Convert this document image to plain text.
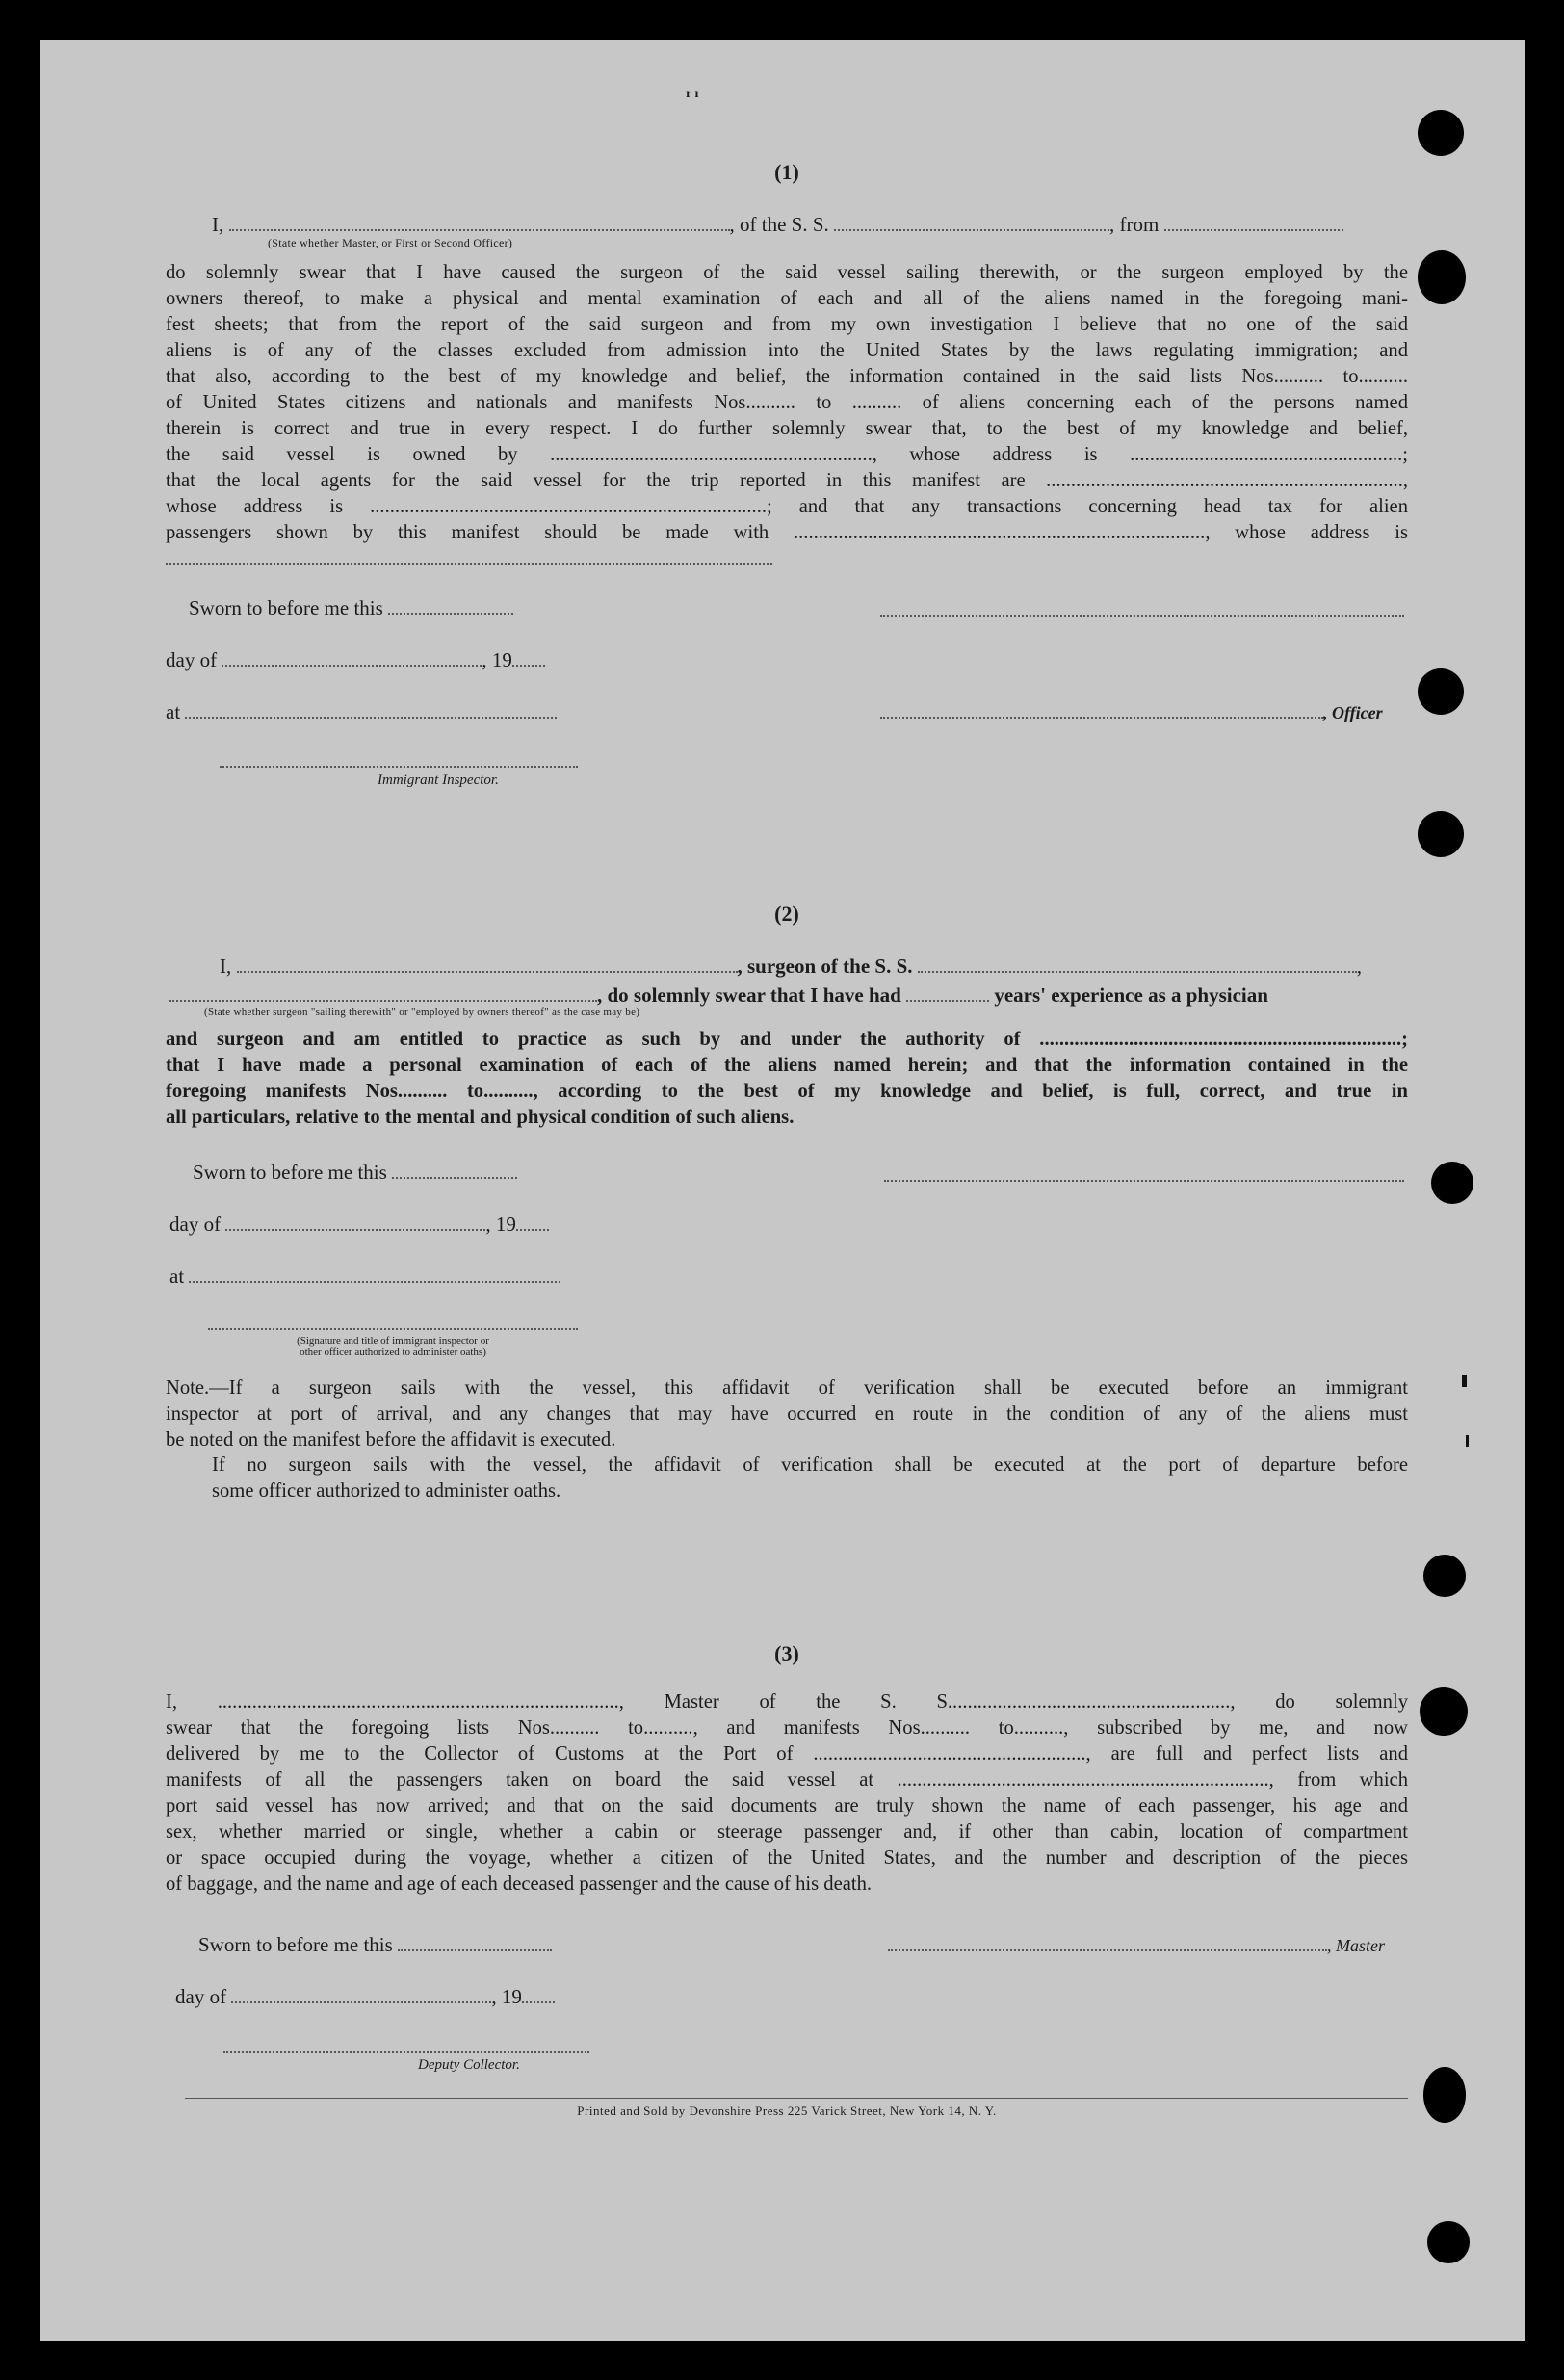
r ı
(1)
I,	, of the S. S.	, from
(State whether Master, or First or Second Officer)
do solemnly swear that I have caused the surgeon of the said vessel sailing therewith, or the surgeon employed by the
owners thereof, to make a physical and mental examination of each and all of the aliens named in the foregoing mani-
fest sheets; that from the report of the said surgeon and from my own investigation I believe that no one of the said
aliens is of any of the classes excluded from admission into the United States by the laws regulating immigration; and
that also, according to the best of my knowledge and belief, the information contained in the said lists Nos.......... to..........
of United States citizens and nationals and manifests Nos.......... to .......... of aliens concerning each of the persons named
therein is correct and true in every respect. I do further solemnly swear that, to the best of my knowledge and belief,
the said vessel is owned by ................................................................., whose address is .......................................................;
that the local agents for the said vessel for the trip reported in this manifest are ........................................................................,
whose address is ................................................................................; and that any transactions concerning head tax for alien
passengers shown by this manifest should be made with ..................................................................................., whose address is
Sworn to before me this
day of	, 19
at	, Officer
Immigrant Inspector.
(2)
I,	, surgeon of the S. S.	,
, do solemnly swear that I have had	years' experience as a physician
(State whether surgeon "sailing therewith" or "employed by owners thereof" as the case may be)
and surgeon and am entitled to practice as such by and under the authority of .........................................................................;
that I have made a personal examination of each of the aliens named herein; and that the information contained in the
foregoing manifests Nos.......... to.........., according to the best of my knowledge and belief, is full, correct, and true in
all particulars, relative to the mental and physical condition of such aliens.
Sworn to before me this
day of	, 19
at
(Signature and title of immigrant inspector or
other officer authorized to administer oaths)
Note.—If a surgeon sails with the vessel, this affidavit of verification shall be executed before an immigrant
inspector at port of arrival, and any changes that may have occurred en route in the condition of any of the aliens must
be noted on the manifest before the affidavit is executed.
If no surgeon sails with the vessel, the affidavit of verification shall be executed at the port of departure before
some officer authorized to administer oaths.
(3)
I, ................................................................................., Master of the S. S........................................................., do solemnly
swear that the foregoing lists Nos.......... to.........., and manifests Nos.......... to.........., subscribed by me, and now
delivered by me to the Collector of Customs at the Port of ......................................................., are full and perfect lists and
manifests of all the passengers taken on board the said vessel at ..........................................................................., from which
port said vessel has now arrived; and that on the said documents are truly shown the name of each passenger, his age and
sex, whether married or single, whether a cabin or steerage passenger and, if other than cabin, location of compartment
or space occupied during the voyage, whether a citizen of the United States, and the number and description of the pieces
of baggage, and the name and age of each deceased passenger and the cause of his death.
Sworn to before me this	, Master
day of	, 19
Deputy Collector.
Printed and Sold by Devonshire Press 225 Varick Street, New York 14, N. Y.
